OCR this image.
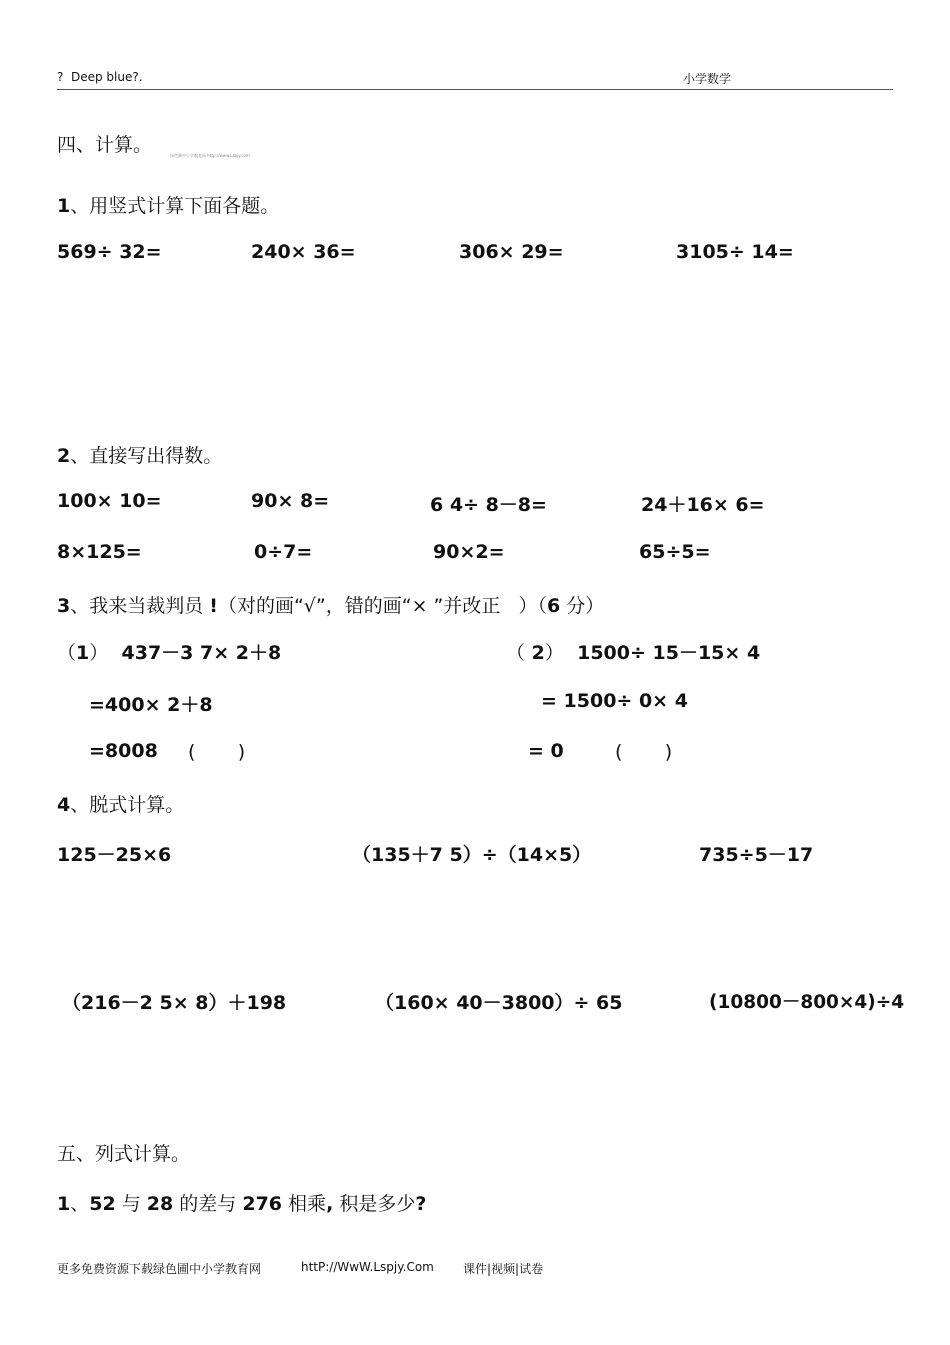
?  Deep blue?.	小学数学
四、计算。	绿色圃中小学教育网 http://www.Lspjy.com
1、用竖式计算下面各题。
569÷ 32=	240× 36=	306× 29=	3105÷ 14=
2、直接写出得数。
100× 10=	90× 8=	6 4÷ 8－8=	24＋16× 6=
8×125=	0÷7=	90×2=	65÷5=
3、我来当裁判员 !（对的画“√”，错的画“× ”并改正   ）（6 分）
（1） 437－3 7× 2＋8
=400× 2＋8
=8008 (       )
（ 2） 1500÷ 15－15× 4
= 1500÷ 0× 4
= 0	(       )
4、脱式计算。
125－25×6	（135＋7 5）÷（14×5）	735÷5－17
（216－2 5× 8）＋198	（160× 40－3800）÷ 65	(10800－800×4)÷4
五、列式计算。
1、52 与 28 的差与 276 相乘, 积是多少?
更多免费资源下载绿色圃中小学教育网	httP://WwW.Lspjy.Com 课件|视频|试卷
